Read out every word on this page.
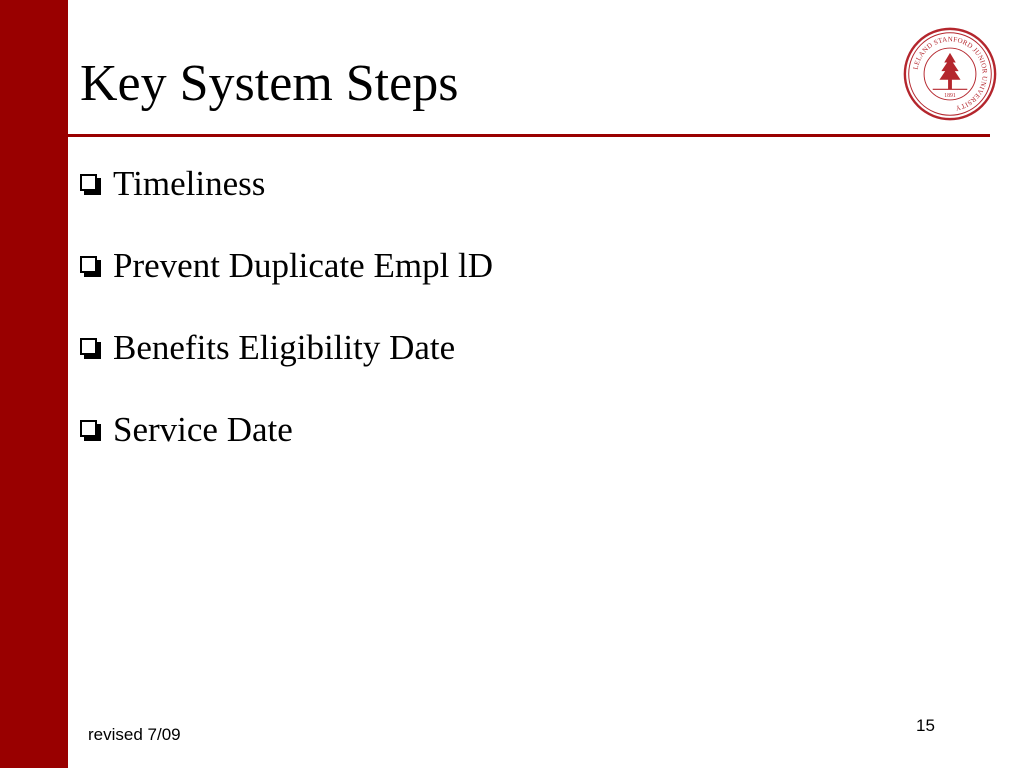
Key System Steps	LELAND STANFORD JUNIOR UNIVERSITY
1891
Timeliness
Prevent Duplicate Empl lD
Benefits Eligibility Date
Service Date
revised 7/09	15
